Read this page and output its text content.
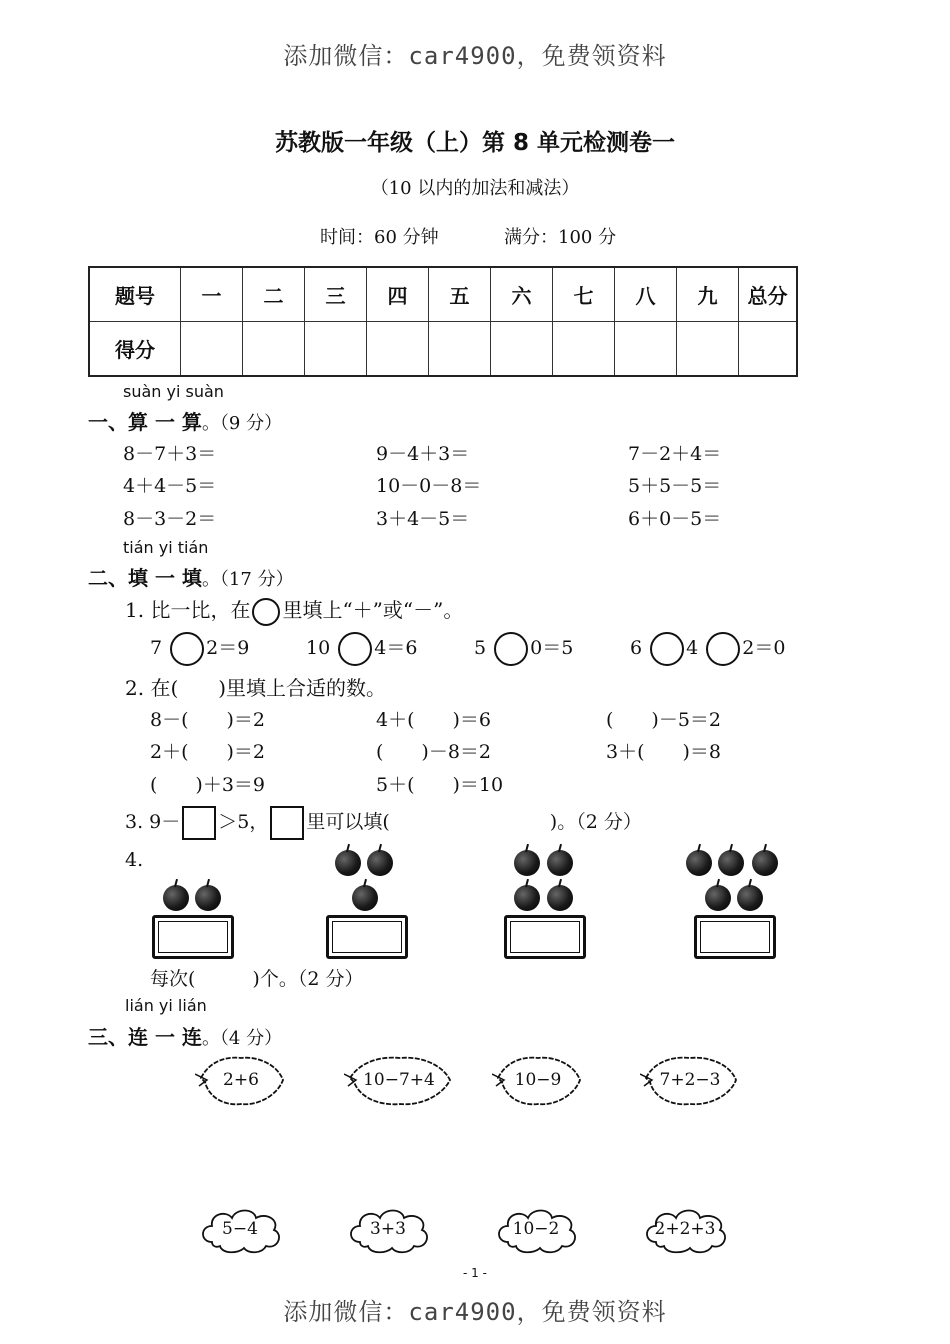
添加微信：car4900，免费领资料
苏教版一年级（上）第 8 单元检测卷一
（10 以内的加法和减法）
时间：60 分钟	满分：100 分
题号	一	二	三	四	五	六	七	八	九	总分
得分										
suàn yi suàn
一、算 一 算。（9 分）
8－7＋3＝	9－4＋3＝	7－2＋4＝
4＋4－5＝	10－0－8＝	5＋5－5＝
8－3－2＝	3＋4－5＝	6＋0－5＝
tián yi tián
二、填 一 填。（17 分）
1. 比一比，在 里填上“＋”或“－”。
7 2＝9	10 4＝6	5 0＝5	6 4 2＝0
2. 在(　　)里填上合适的数。
8－(　　)＝2	4＋(　　)＝6	(　　)－5＝2
2＋(　　)＝2	(　　)－8＝2	3＋(　　)＝8
(　　)＋3＝9	5＋(　　)＝10
3. 9－ ＞5， 里可以填(	)。（2 分）
4.
每次(　　　)个。（2 分）
lián yi lián
三、连 一 连。（4 分）
2+6	10−7+4	10−9	7+2−3
5−4	3+3	10−2	2+2+3
- 1 -
添加微信：car4900，免费领资料
